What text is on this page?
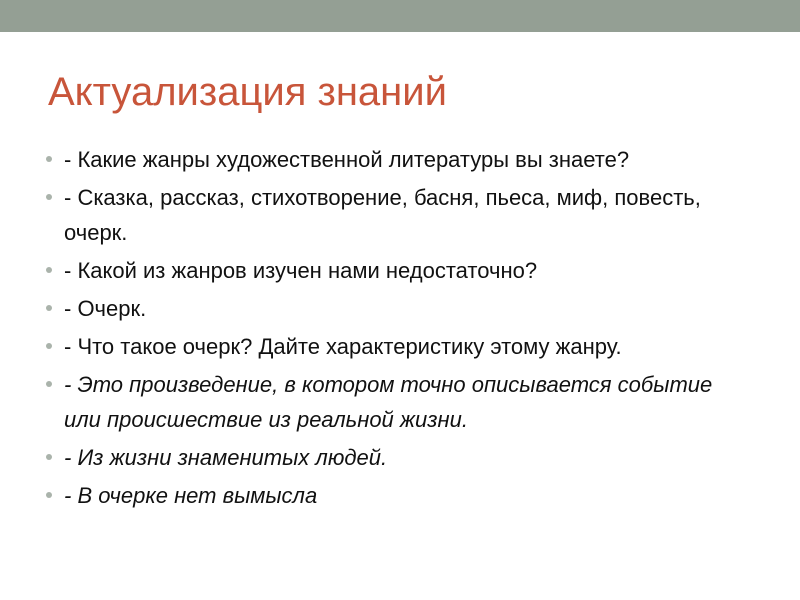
Актуализация знаний
- Какие жанры художественной литературы вы знаете?
- Сказка, рассказ, стихотворение, басня, пьеса, миф, повесть, очерк.
- Какой из жанров изучен нами недостаточно?
- Очерк.
- Что такое очерк? Дайте характеристику этому жанру.
- Это произведение, в котором точно описывается событие или происшествие из реальной жизни.
- Из жизни знаменитых людей.
- В очерке нет вымысла
